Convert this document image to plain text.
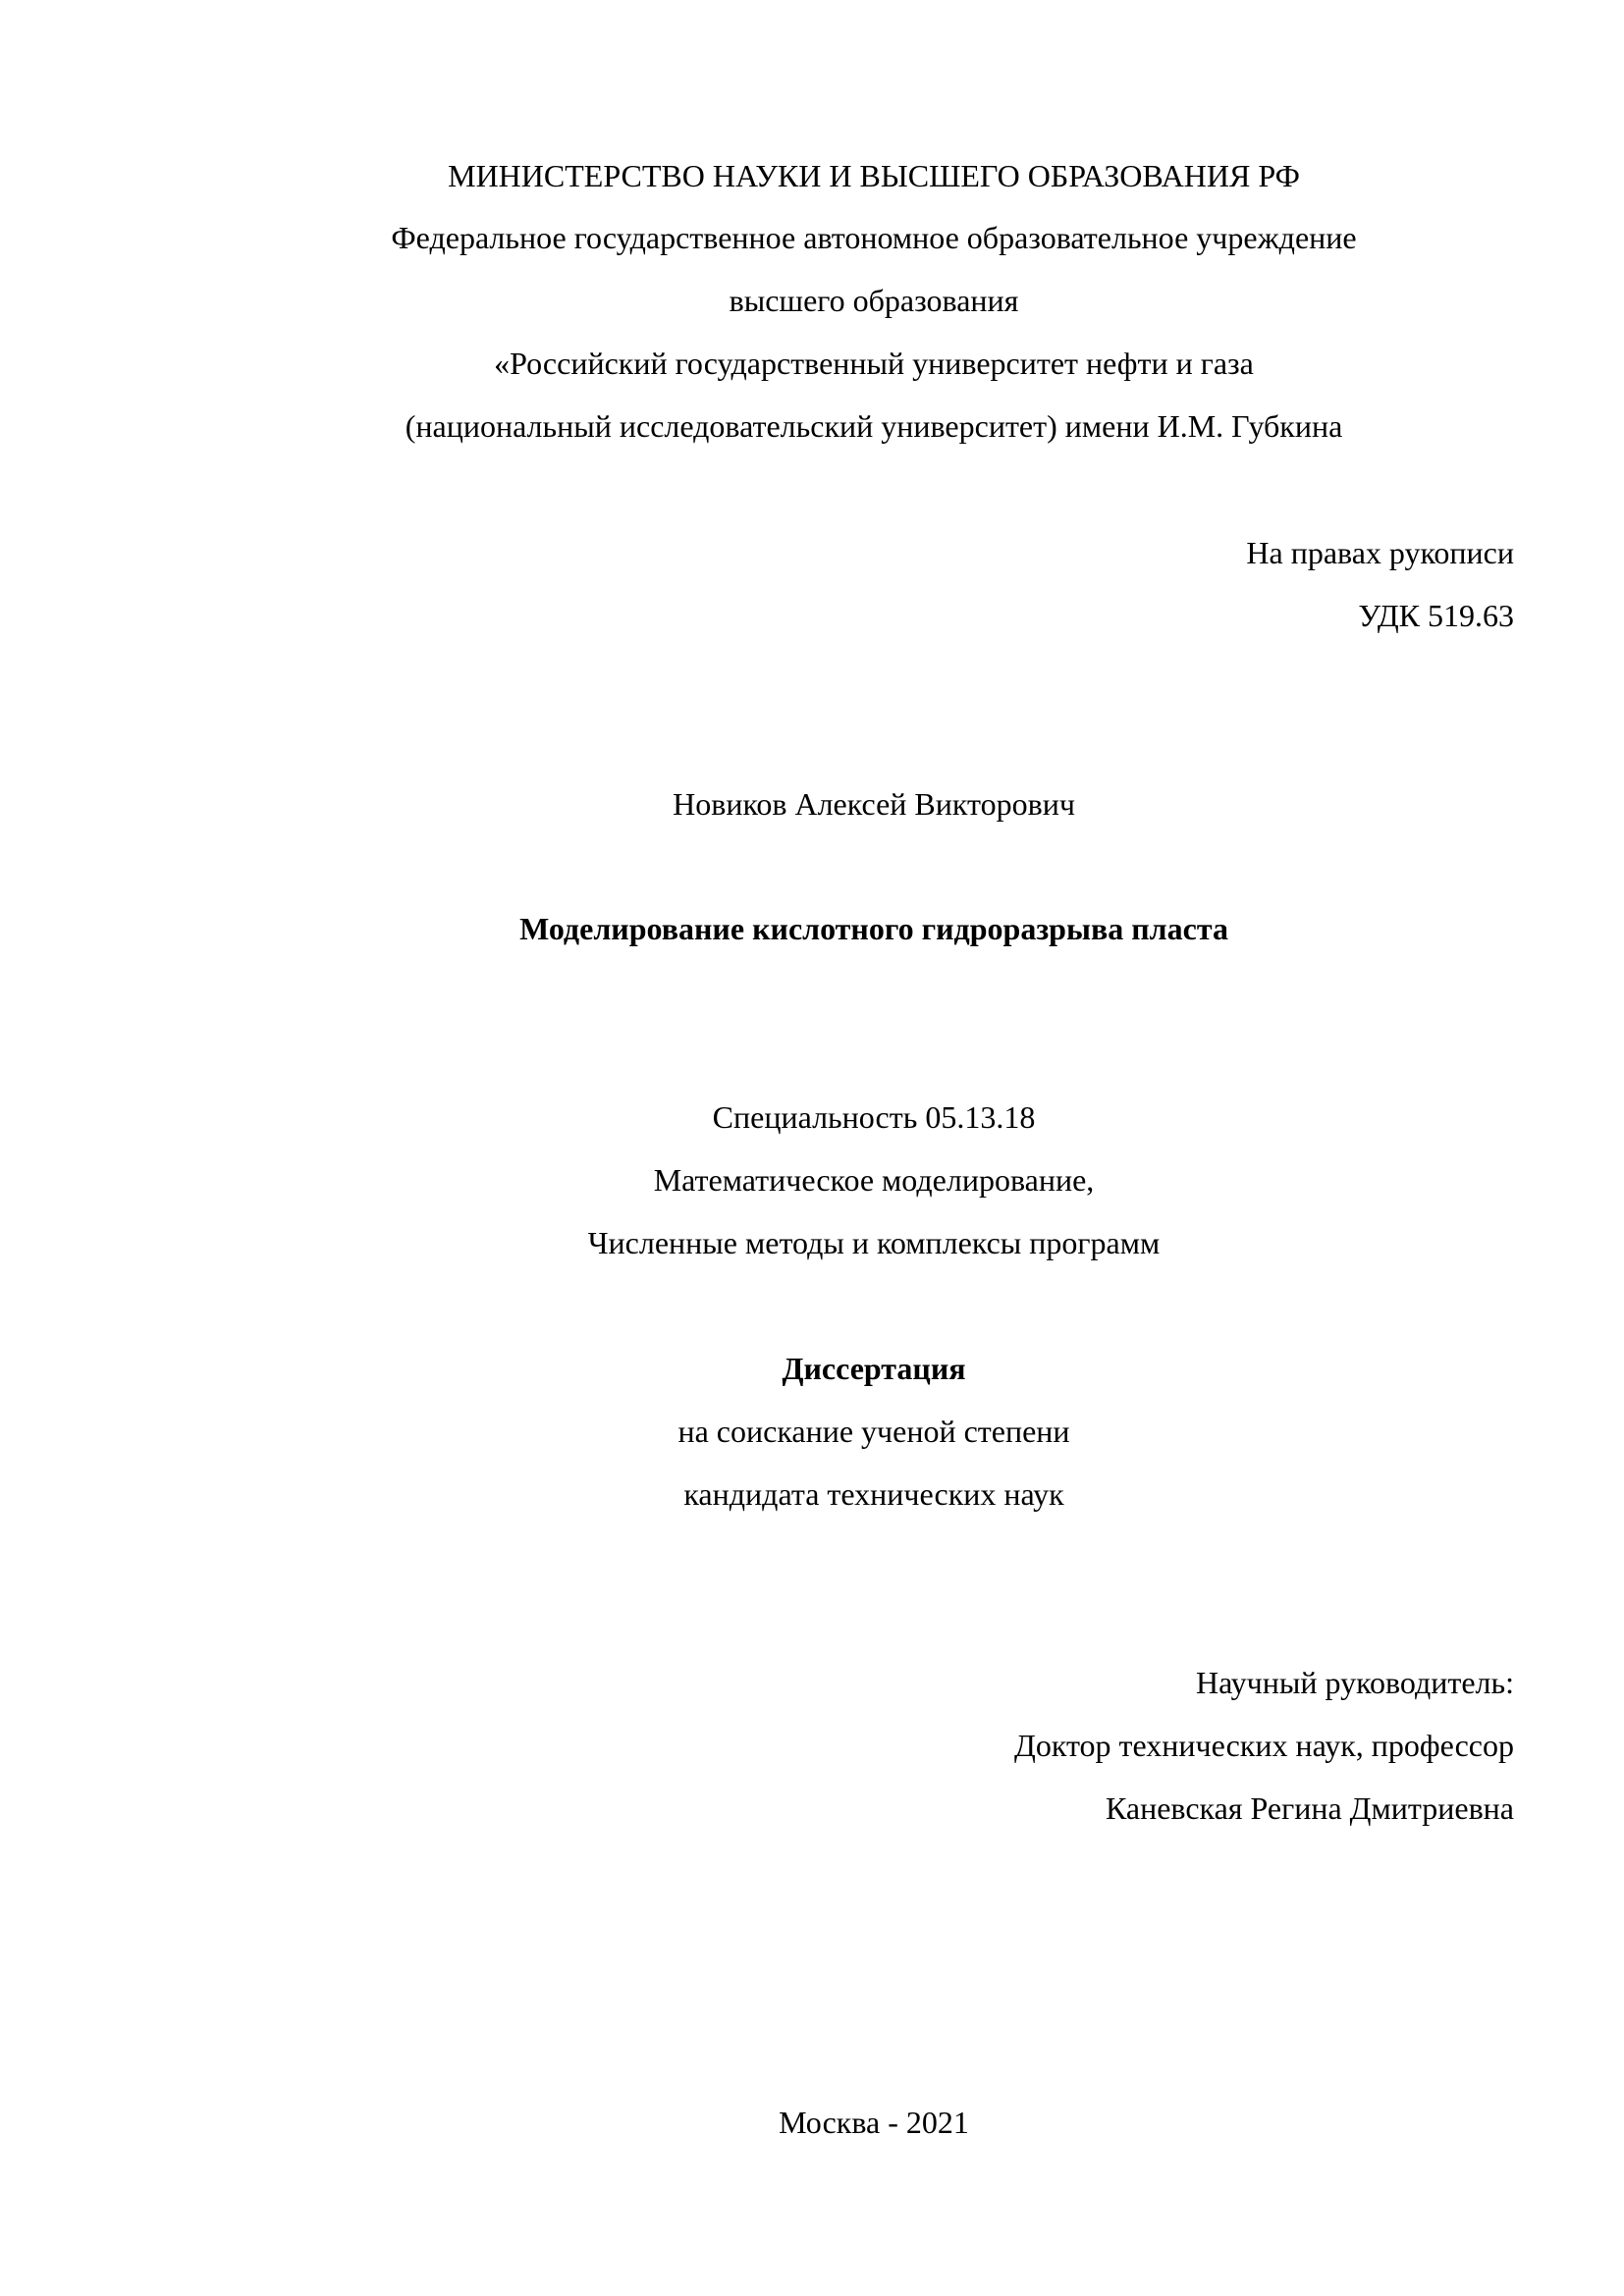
МИНИСТЕРСТВО НАУКИ И ВЫСШЕГО ОБРАЗОВАНИЯ РФ
Федеральное государственное автономное образовательное учреждение
высшего образования
«Российский государственный университет нефти и газа
(национальный исследовательский университет) имени И.М. Губкина
На правах рукописи
УДК 519.63
Новиков Алексей Викторович
Моделирование кислотного гидроразрыва пласта
Специальность 05.13.18
Математическое моделирование,
Численные методы и комплексы программ
Диссертация
на соискание ученой степени
кандидата технических наук
Научный руководитель:
Доктор технических наук, профессор
Каневская Регина Дмитриевна
Москва - 2021
